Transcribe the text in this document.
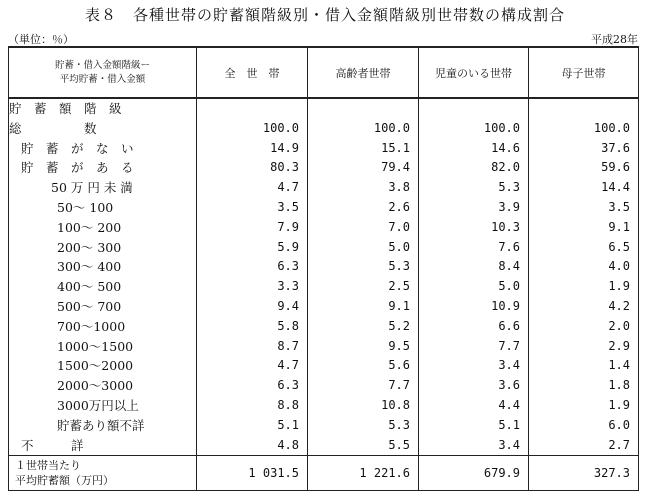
表８　各種世帯の貯蓄額階級別・借入金額階級別世帯数の構成割合
（単位：％）	平成28年
貯蓄・借入金額階級ー
平均貯蓄・借入金額	全　世　帯	高齢者世帯	児童のいる世帯	母子世帯
貯　蓄　額　階　級				
総　　　　　数	100.0	100.0	100.0	100.0
貯　蓄　が　な　い	14.9	15.1	14.6	37.6
貯　蓄　が　あ　る	80.3	79.4	82.0	59.6
50 万 円 未 満	4.7	3.8	5.3	14.4
50～ 100	3.5	2.6	3.9	3.5
100～ 200	7.9	7.0	10.3	9.1
200～ 300	5.9	5.0	7.6	6.5
300～ 400	6.3	5.3	8.4	4.0
400～ 500	3.3	2.5	5.0	1.9
500～ 700	9.4	9.1	10.9	4.2
700～1000	5.8	5.2	6.6	2.0
1000～1500	8.7	9.5	7.7	2.9
1500～2000	4.7	5.6	3.4	1.4
2000～3000	6.3	7.7	3.6	1.8
3000万円以上	8.8	10.8	4.4	1.9
貯蓄あり額不詳	5.1	5.3	5.1	6.0
不　　　詳	4.8	5.5	3.4	2.7

１世帯当たり
平均貯蓄額（万円）	1 031.5	1 221.6	679.9	327.3
